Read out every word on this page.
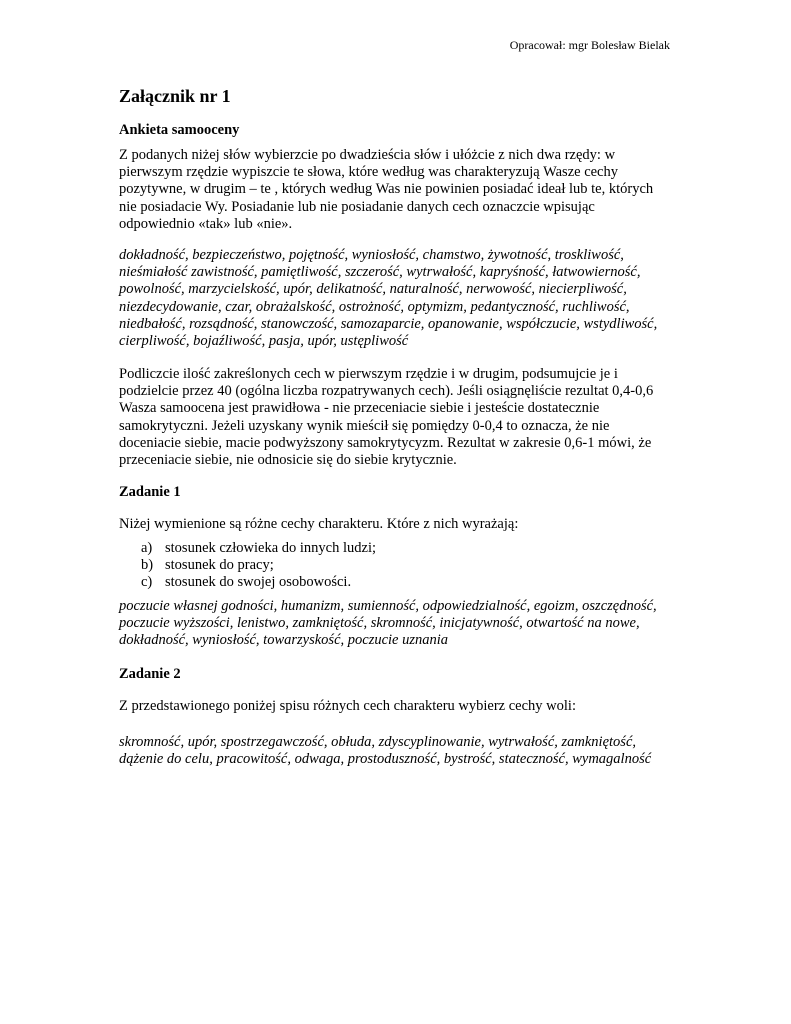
Opracował: mgr Bolesław Bielak
Załącznik nr 1
Ankieta samooceny

Z podanych niżej słów wybierzcie po dwadzieścia słów i ułóżcie z nich dwa rzędy: w pierwszym rzędzie wypiszcie te słowa, które według was charakteryzują Wasze cechy pozytywne, w drugim – te , których według Was nie powinien posiadać ideał lub te, których nie posiadacie Wy. Posiadanie lub nie posiadanie danych cech oznaczcie wpisując odpowiednio «tak» lub «nie».

dokładność, bezpieczeństwo, pojętność, wyniosłość, chamstwo, żywotność, troskliwość, nieśmiałość zawistność, pamiętliwość, szczerość, wytrwałość, kapryśność, łatwowierność, powolność, marzycielskość, upór, delikatność, naturalność, nerwowość, niecierpliwość, niezdecydowanie, czar, obrażalskość, ostrożność, optymizm, pedantyczność, ruchliwość, niedbałość, rozsądność, stanowczość, samozaparcie, opanowanie, współczucie, wstydliwość, cierpliwość, bojaźliwość, pasja, upór, ustępliwość

Podliczcie ilość zakreślonych cech w pierwszym rzędzie i w drugim, podsumujcie je i podzielcie przez 40 (ogólna liczba rozpatrywanych cech). Jeśli osiągnęliście rezultat 0,4-0,6 Wasza samoocena jest prawidłowa - nie przeceniacie siebie i jesteście dostatecznie samokrytyczni. Jeżeli uzyskany wynik mieścił się pomiędzy 0-0,4 to oznacza, że nie doceniacie siebie, macie podwyższony samokrytycyzm. Rezultat w zakresie 0,6-1 mówi, że przeceniacie siebie, nie odnosicie się do siebie krytycznie.

Zadanie 1

Niżej wymienione są różne cechy charakteru. Które z nich wyrażają:

a) stosunek człowieka do innych ludzi;
b) stosunek do pracy;
c) stosunek do swojej osobowości.

poczucie własnej godności, humanizm, sumienność, odpowiedzialność, egoizm, oszczędność, poczucie wyższości, lenistwo, zamkniętość, skromność, inicjatywność, otwartość na nowe, dokładność, wyniosłość, towarzyskość, poczucie uznania

Zadanie 2

Z przedstawionego poniżej spisu różnych cech charakteru wybierz cechy woli:

skromność, upór, spostrzegawczość, obłuda, zdyscyplinowanie, wytrwałość, zamkniętość, dążenie do celu, pracowitość, odwaga, prostoduszność, bystrość, stateczność, wymagalność
